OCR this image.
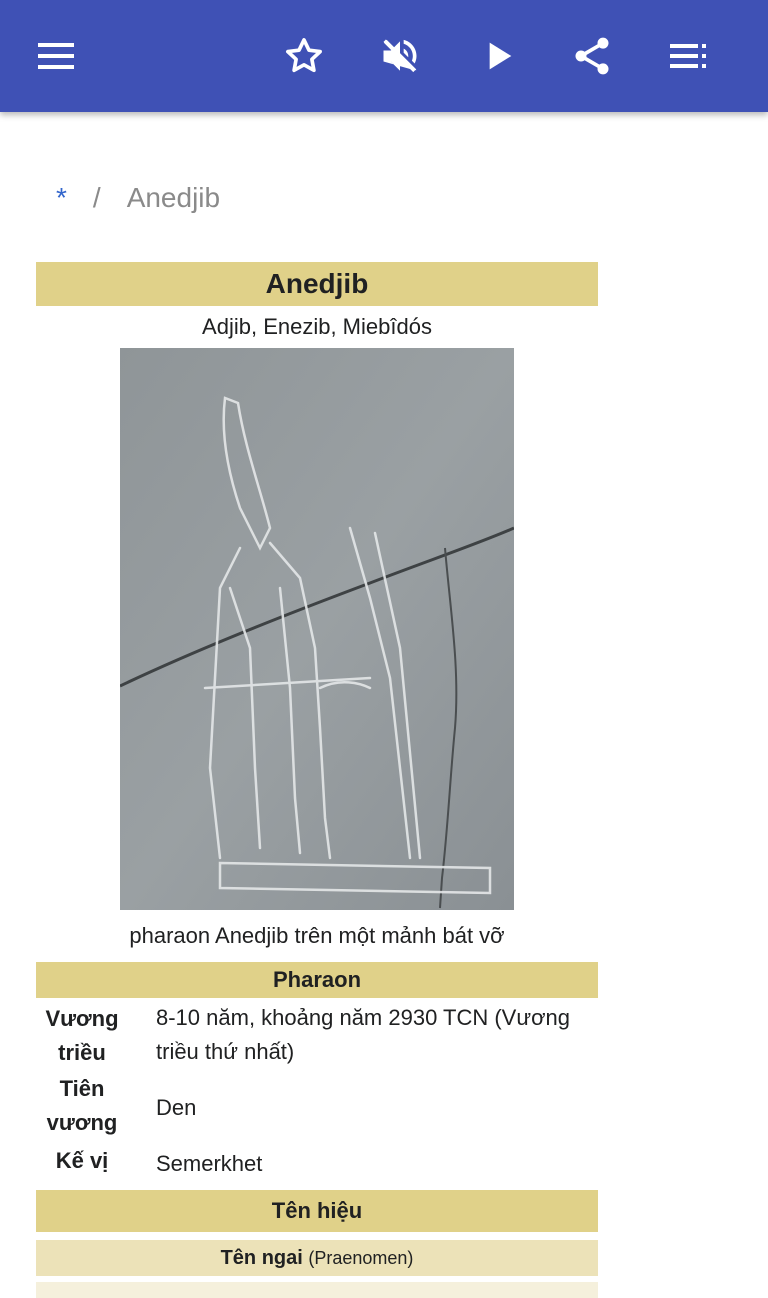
* / Anedjib
Anedjib
Adjib, Enezib, Miebîdós
pharaon Anedjib trên một mảnh bát vỡ
Pharaon
Vương triều
8-10 năm, khoảng năm 2930 TCN (Vương triều thứ nhất)
Tiên vương
Den
Kế vị	Semerkhet
Tên hiệu
Tên ngai (Praenomen)
